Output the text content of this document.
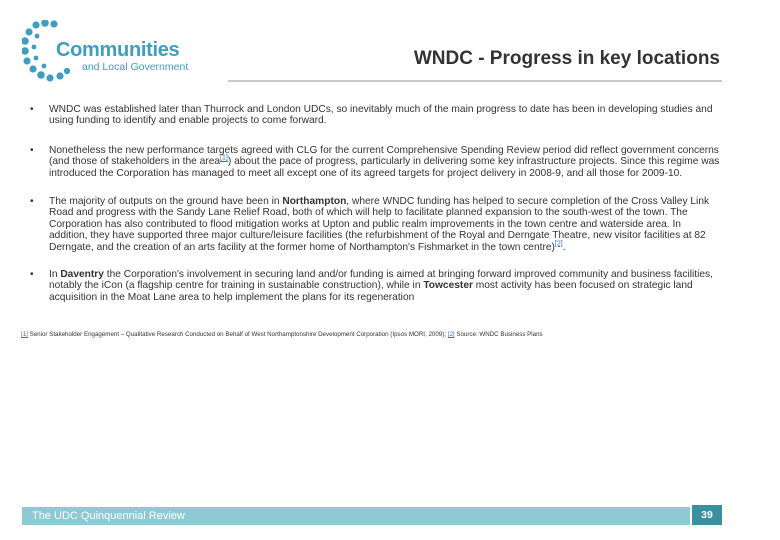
Communities
and Local Government	WNDC - Progress in key locations
• WNDC was established later than Thurrock and London UDCs, so inevitably much of the main progress to date has been in developing studies and using funding to identify and enable projects to come forward.
• Nonetheless the new performance targets agreed with CLG for the current Comprehensive Spending Review period did reflect government concerns (and those of stakeholders in the area[1]) about the pace of progress, particularly in delivering some key infrastructure projects. Since this regime was introduced the Corporation has managed to meet all except one of its agreed targets for project delivery in 2008-9, and all those for 2009-10.
• The majority of outputs on the ground have been in Northampton, where WNDC funding has helped to secure completion of the Cross Valley Link Road and progress with the Sandy Lane Relief Road, both of which will help to facilitate planned expansion to the south-west of the town. The Corporation has also contributed to flood mitigation works at Upton and public realm improvements in the town centre and waterside area. In addition, they have supported three major culture/leisure facilities (the refurbishment of the Royal and Derngate Theatre, new visitor facilities at 82 Derngate, and the creation of an arts facility at the former home of Northampton's Fishmarket in the town centre)[2].
• In Daventry the Corporation's involvement in securing land and/or funding is aimed at bringing forward improved community and business facilities, notably the iCon (a flagship centre for training in sustainable construction), while in Towcester most activity has been focused on strategic land acquisition in the Moat Lane area to help implement the plans for its regeneration
[1] Senior Stakeholder Engagement – Qualitative Research Conducted on Behalf of West Northamptonshire Development Corporation (Ipsos MORI, 2009); [2] Source: WNDC Business Plans
The UDC Quinquennial Review	39
